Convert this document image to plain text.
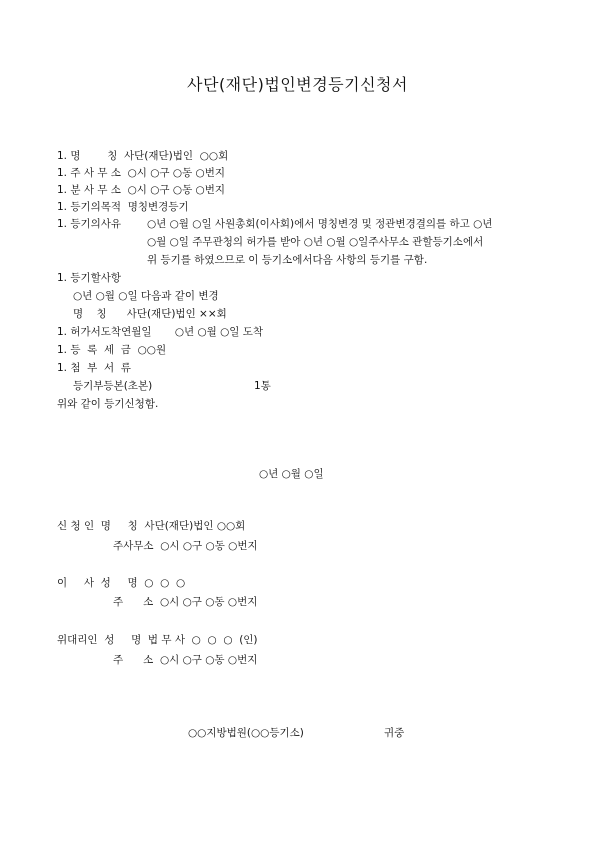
사단(재단)법인변경등기신청서
1. 명        칭  사단(재단)법인  ○○회
1. 주 사 무 소  ○시 ○구 ○동 ○번지
1. 분 사 무 소  ○시 ○구 ○동 ○번지
1. 등기의목적  명칭변경등기
1. 등기의사유 ○년 ○월 ○일 사원총회(이사회)에서 명칭변경 및 정관변경결의를 하고 ○년
○월 ○일 주무관청의 허가를 받아 ○년 ○월 ○일주사무소 관할등기소에서
위 등기를 하였으므로 이 등기소에서다음 사항의 등기를 구함.
1. 등기할사항
○년 ○월 ○일 다음과 같이 변경
명    칭      사단(재단)법인 ××회
1. 허가서도착연월일       ○년 ○월 ○일 도착
1. 등  록  세  금  ○○원
1. 첨  부  서  류
등기부등본(초본)	1통
위와 같이 등기신청함.
○년 ○월 ○일
신 청 인  명     칭  사단(재단)법인 ○○회
주사무소  ○시 ○구 ○동 ○번지
이     사  성     명  ○  ○  ○
주      소  ○시 ○구 ○동 ○번지
위대리인  성     명  법 무 사  ○  ○  ○  (인)
주      소  ○시 ○구 ○동 ○번지
○○지방법원(○○등기소)	귀중
